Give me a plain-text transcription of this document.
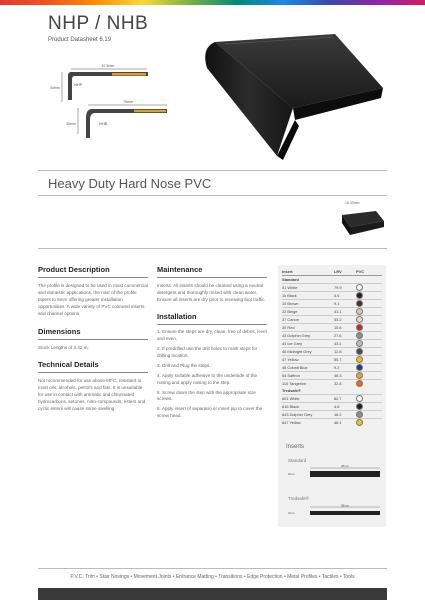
NHP / NHB
Product Datasheet 6.19
87.5mm
34mm
75mm
30mm
NHP
NHB
Heavy Duty Hard Nose PVC
16.30mm
Product Description

The profile is designed to be used in most commercial and domestic applications, the nosr of the profile tapers to 5mm offering greater installation opportunities. A wide variety of PVC coloured inserts and channel options.

Dimensions

Stock Lengths of 3.22 m.

Technical Details

Not recommended for use above 60ºC, resistant to most oils, alcohols, petrol's and fats. It is unsuitable for use in contact with aromatic and chlorinated hydrocarbons, ketones, nitro-compounds, esters and cyclic esters will cause some swelling.

Maintenance

Inserts. All inserts should be cleaned using a neutral detergent and thoroughly rinsed with clean water. Ensure all inserts are dry prior to receiving foot traffic.

Installation
1. Ensure the steps are dry, clean, free of debris, level and even.
2. If predrilled use the drill holes to mark steps for drilling location.
3. Drill and Plug the steps.
4. Apply suitable adhesive to the underside of the nosing and apply nosing to the step.
5. Screw down the step with the appropriate size screws.
6. Apply insert (if separate) or insert pip to cover the screw head.
Insert	LRV	PVC
Standard		
01 White	79.9	
1k Black	4.6	
10 Brown	9.1	
22 Beige	41.1	
37 Canoe	53.2	
30 Red	10.6	
43 Dolphin Grey	27.6	
44 Ice Grey	43.1	
46 Midnight Grey	12.8	
47 Yellow	55.7	
48 Cobalt Blue	9.2	
54 Saffron	46.3	
110 Tangerine	32.8	
Tredsafe®		
601 White	82.7	
616 Black	4.8	
643 Dolphin Grey	18.2	
647 Yellow	46.1	
Inserts
Standard
28mm
6mm
Tredsafe®
38mm
3mm
P.V.C. Trim • Stair Nosings • Movement Joints • Entrance Matting • Transitions • Edge Protection • Metal Profiles • Tactiles • Tools
